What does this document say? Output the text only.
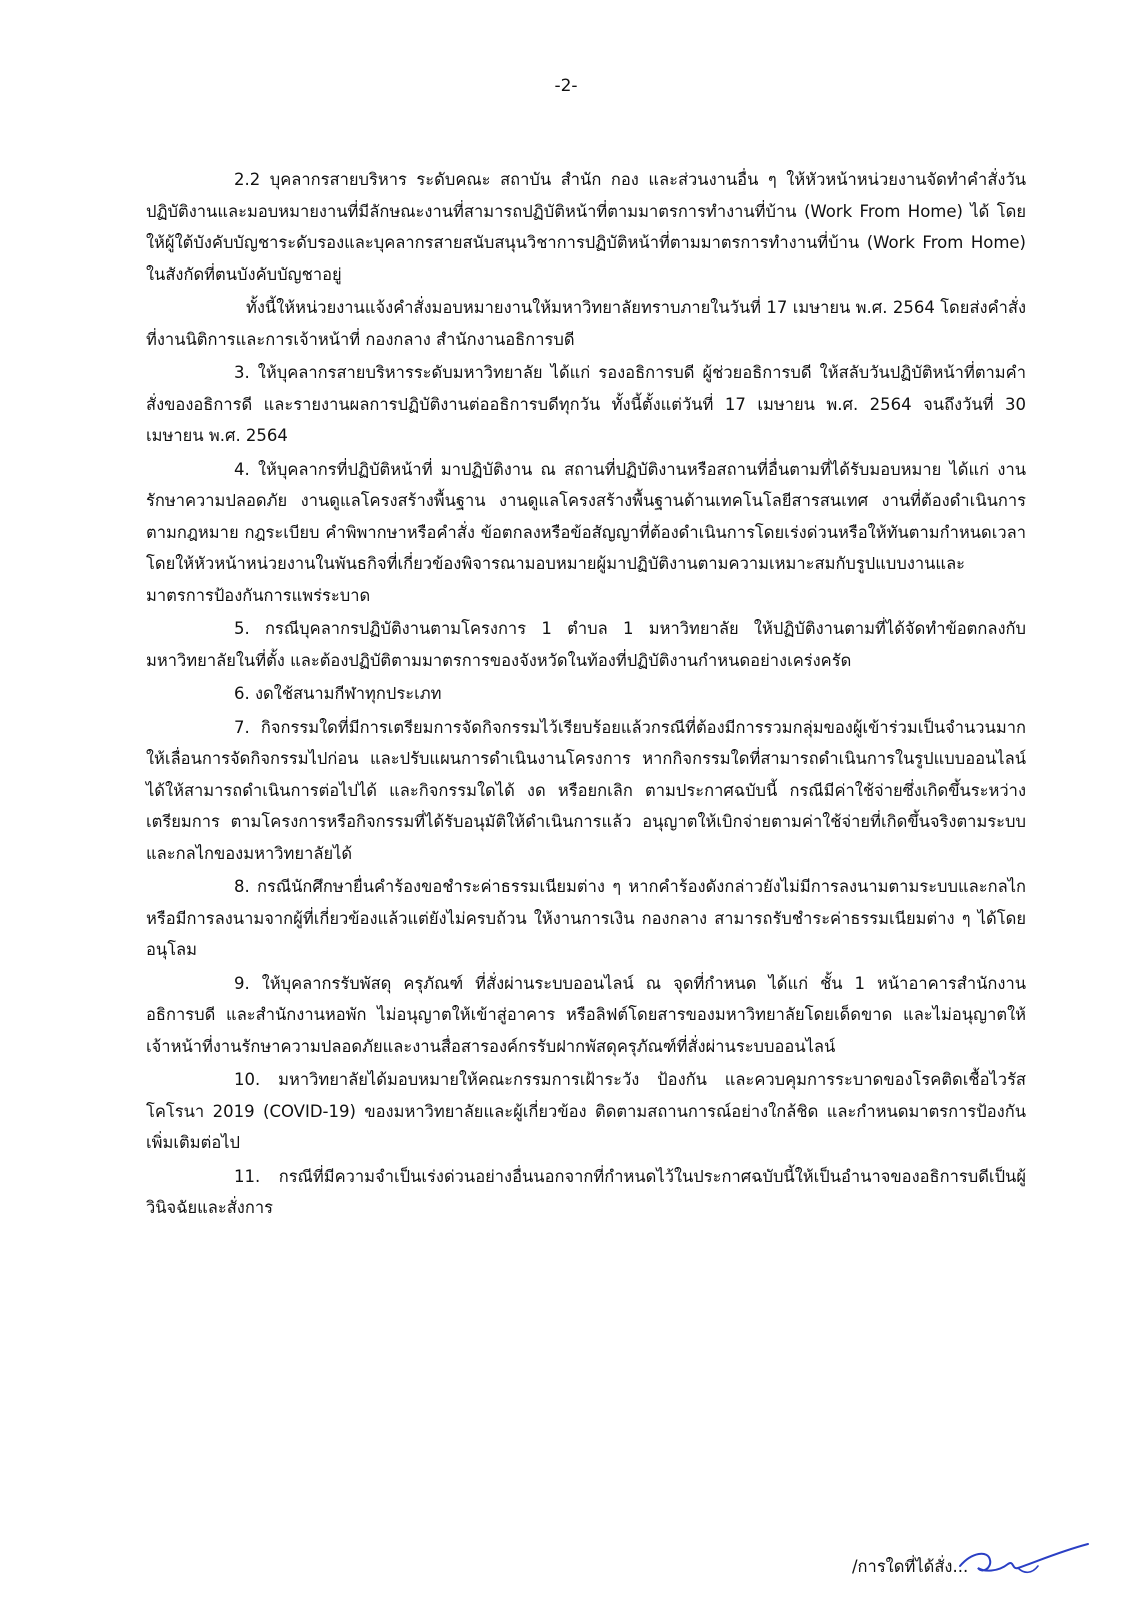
-2-

2.2 บุคลากรสายบริหาร ระดับคณะ สถาบัน สำนัก กอง และส่วนงานอื่น ๆ ให้หัวหน้าหน่วยงานจัดทำคำสั่งวันปฏิบัติงานและมอบหมายงานที่มีลักษณะงานที่สามารถปฏิบัติหน้าที่ตามมาตรการทำงานที่บ้าน (Work From Home) ได้ โดยให้ผู้ใต้บังคับบัญชาระดับรองและบุคลากรสายสนับสนุนวิชาการปฏิบัติหน้าที่ตามมาตรการทำงานที่บ้าน (Work From Home) ในสังกัดที่ตนบังคับบัญชาอยู่

ทั้งนี้ให้หน่วยงานแจ้งคำสั่งมอบหมายงานให้มหาวิทยาลัยทราบภายในวันที่ 17 เมษายน พ.ศ. 2564 โดยส่งคำสั่งที่งานนิติการและการเจ้าหน้าที่ กองกลาง สำนักงานอธิการบดี

3. ให้บุคลากรสายบริหารระดับมหาวิทยาลัย ได้แก่ รองอธิการบดี ผู้ช่วยอธิการบดี ให้สลับวันปฏิบัติหน้าที่ตามคำสั่งของอธิการดี และรายงานผลการปฏิบัติงานต่ออธิการบดีทุกวัน ทั้งนี้ตั้งแต่วันที่ 17 เมษายน พ.ศ. 2564 จนถึงวันที่ 30 เมษายน พ.ศ. 2564

4. ให้บุคลากรที่ปฏิบัติหน้าที่ มาปฏิบัติงาน ณ สถานที่ปฏิบัติงานหรือสถานที่อื่นตามที่ได้รับมอบหมาย ได้แก่ งานรักษาความปลอดภัย งานดูแลโครงสร้างพื้นฐาน งานดูแลโครงสร้างพื้นฐานด้านเทคโนโลยีสารสนเทศ งานที่ต้องดำเนินการตามกฎหมาย กฎระเบียบ คำพิพากษาหรือคำสั่ง ข้อตกลงหรือข้อสัญญาที่ต้องดำเนินการโดยเร่งด่วนหรือให้ทันตามกำหนดเวลา โดยให้หัวหน้าหน่วยงานในพันธกิจที่เกี่ยวข้องพิจารณามอบหมายผู้มาปฏิบัติงานตามความเหมาะสมกับรูปแบบงานและมาตรการป้องกันการแพร่ระบาด

5. กรณีบุคลากรปฏิบัติงานตามโครงการ 1 ตำบล 1 มหาวิทยาลัย ให้ปฏิบัติงานตามที่ได้จัดทำข้อตกลงกับมหาวิทยาลัยในที่ตั้ง และต้องปฏิบัติตามมาตรการของจังหวัดในท้องที่ปฏิบัติงานกำหนดอย่างเคร่งครัด

6. งดใช้สนามกีฬาทุกประเภท

7. กิจกรรมใดที่มีการเตรียมการจัดกิจกรรมไว้เรียบร้อยแล้วกรณีที่ต้องมีการรวมกลุ่มของผู้เข้าร่วมเป็นจำนวนมาก ให้เลื่อนการจัดกิจกรรมไปก่อน และปรับแผนการดำเนินงานโครงการ หากกิจกรรมใดที่สามารถดำเนินการในรูปแบบออนไลน์ได้ให้สามารถดำเนินการต่อไปได้ และกิจกรรมใดได้ งด หรือยกเลิก ตามประกาศฉบับนี้ กรณีมีค่าใช้จ่ายซึ่งเกิดขึ้นระหว่างเตรียมการ ตามโครงการหรือกิจกรรมที่ได้รับอนุมัติให้ดำเนินการแล้ว อนุญาตให้เบิกจ่ายตามค่าใช้จ่ายที่เกิดขึ้นจริงตามระบบและกลไกของมหาวิทยาลัยได้

8. กรณีนักศึกษายื่นคำร้องขอชำระค่าธรรมเนียมต่าง ๆ หากคำร้องดังกล่าวยังไม่มีการลงนามตามระบบและกลไกหรือมีการลงนามจากผู้ที่เกี่ยวข้องแล้วแต่ยังไม่ครบถ้วน ให้งานการเงิน กองกลาง สามารถรับชำระค่าธรรมเนียมต่าง ๆ ได้โดยอนุโลม

9. ให้บุคลากรรับพัสดุ ครุภัณฑ์ ที่สั่งผ่านระบบออนไลน์ ณ จุดที่กำหนด ได้แก่ ชั้น 1 หน้าอาคารสำนักงานอธิการบดี และสำนักงานหอพัก ไม่อนุญาตให้เข้าสู่อาคาร หรือลิฟต์โดยสารของมหาวิทยาลัยโดยเด็ดขาด และไม่อนุญาตให้เจ้าหน้าที่งานรักษาความปลอดภัยและงานสื่อสารองค์กรรับฝากพัสดุครุภัณฑ์ที่สั่งผ่านระบบออนไลน์

10. มหาวิทยาลัยได้มอบหมายให้คณะกรรมการเฝ้าระวัง ป้องกัน และควบคุมการระบาดของโรคติดเชื้อไวรัสโคโรนา 2019 (COVID-19) ของมหาวิทยาลัยและผู้เกี่ยวข้อง ติดตามสถานการณ์อย่างใกล้ชิด และกำหนดมาตรการป้องกันเพิ่มเติมต่อไป

11. กรณีที่มีความจำเป็นเร่งด่วนอย่างอื่นนอกจากที่กำหนดไว้ในประกาศฉบับนี้ให้เป็นอำนาจของอธิการบดีเป็นผู้วินิจฉัยและสั่งการ

/การใดที่ได้สั่ง...
